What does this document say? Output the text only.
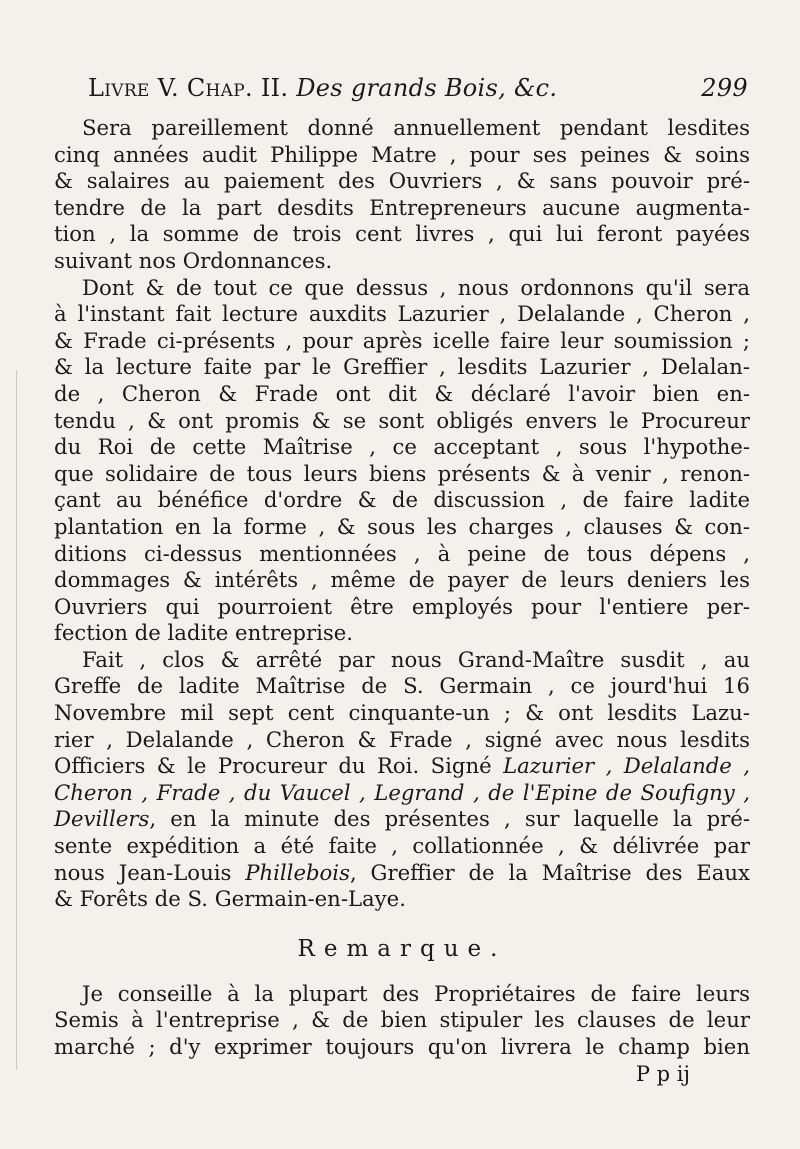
Livre V. Chap. II. Des grands Bois, &c.	299
Sera pareillement donné annuellement pendant lesdites
cinq années audit Philippe Matre , pour ses peines & soins
& salaires au paiement des Ouvriers , & sans pouvoir pré-
tendre de la part desdits Entrepreneurs aucune augmenta-
tion , la somme de trois cent livres , qui lui feront payées
suivant nos Ordonnances.
Dont & de tout ce que dessus , nous ordonnons qu'il sera
à l'instant fait lecture auxdits Lazurier , Delalande , Cheron ,
& Frade ci-présents , pour après icelle faire leur soumission ;
& la lecture faite par le Greffier , lesdits Lazurier , Delalan-
de , Cheron & Frade ont dit & déclaré l'avoir bien en-
tendu , & ont promis & se sont obligés envers le Procureur
du Roi de cette Maîtrise , ce acceptant , sous l'hypothe-
que solidaire de tous leurs biens présents & à venir , renon-
çant au bénéfice d'ordre & de discussion , de faire ladite
plantation en la forme , & sous les charges , clauses & con-
ditions ci-dessus mentionnées , à peine de tous dépens ,
dommages & intérêts , même de payer de leurs deniers les
Ouvriers qui pourroient être employés pour l'entiere per-
fection de ladite entreprise.
Fait , clos & arrêté par nous Grand-Maître susdit , au
Greffe de ladite Maîtrise de S. Germain , ce jourd'hui 16
Novembre mil sept cent cinquante-un ; & ont lesdits Lazu-
rier , Delalande , Cheron & Frade , signé avec nous lesdits
Officiers & le Procureur du Roi. Signé Lazurier , Delalande ,
Cheron , Frade , du Vaucel , Legrand , de l'Epine de Soufigny ,
Devillers, en la minute des présentes , sur laquelle la pré-
sente expédition a été faite , collationnée , & délivrée par
nous Jean-Louis Phillebois, Greffier de la Maîtrise des Eaux
& Forêts de S. Germain-en-Laye.
Remarque.
Je conseille à la plupart des Propriétaires de faire leurs
Semis à l'entreprise , & de bien stipuler les clauses de leur
marché ; d'y exprimer toujours qu'on livrera le champ bien
P p ij
